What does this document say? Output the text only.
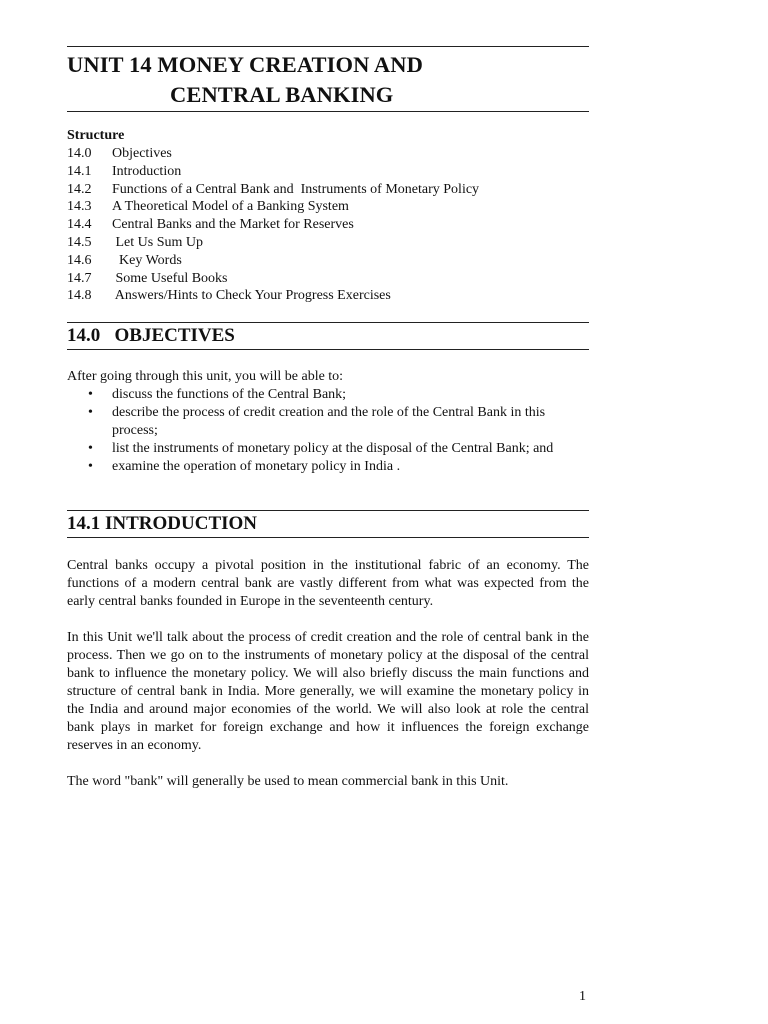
UNIT 14 MONEY CREATION AND
CENTRAL BANKING
Structure
14.0	Objectives
14.1	Introduction
14.2	Functions of a Central Bank and  Instruments of Monetary Policy
14.3	A Theoretical Model of a Banking System
14.4	Central Banks and the Market for Reserves
14.5	Let Us Sum Up
14.6	Key Words
14.7	Some Useful Books
14.8	Answers/Hints to Check Your Progress Exercises
14.0   OBJECTIVES

After going through this unit, you will be able to:

• discuss the functions of the Central Bank;
• describe the process of credit creation and the role of the Central Bank in this process;
• list the instruments of monetary policy at the disposal of the Central Bank; and
• examine the operation of monetary policy in India .
14.1 INTRODUCTION

Central banks occupy a pivotal position in the institutional fabric of an economy. The functions of a modern central bank are vastly different from what was expected from the early central banks founded in Europe in the seventeenth century.

In this Unit we'll talk about the process of credit creation and the role of central bank in the process. Then we go on to the instruments of monetary policy at the disposal of the central bank to influence the monetary policy. We will also briefly discuss the main functions and structure of central bank in India. More generally, we will examine the monetary policy in the India and around major economies of the world. We will also look at role the central bank plays in market for foreign exchange and how it influences the foreign exchange reserves in an economy.

The word "bank" will generally be used to mean commercial bank in this Unit.

1
